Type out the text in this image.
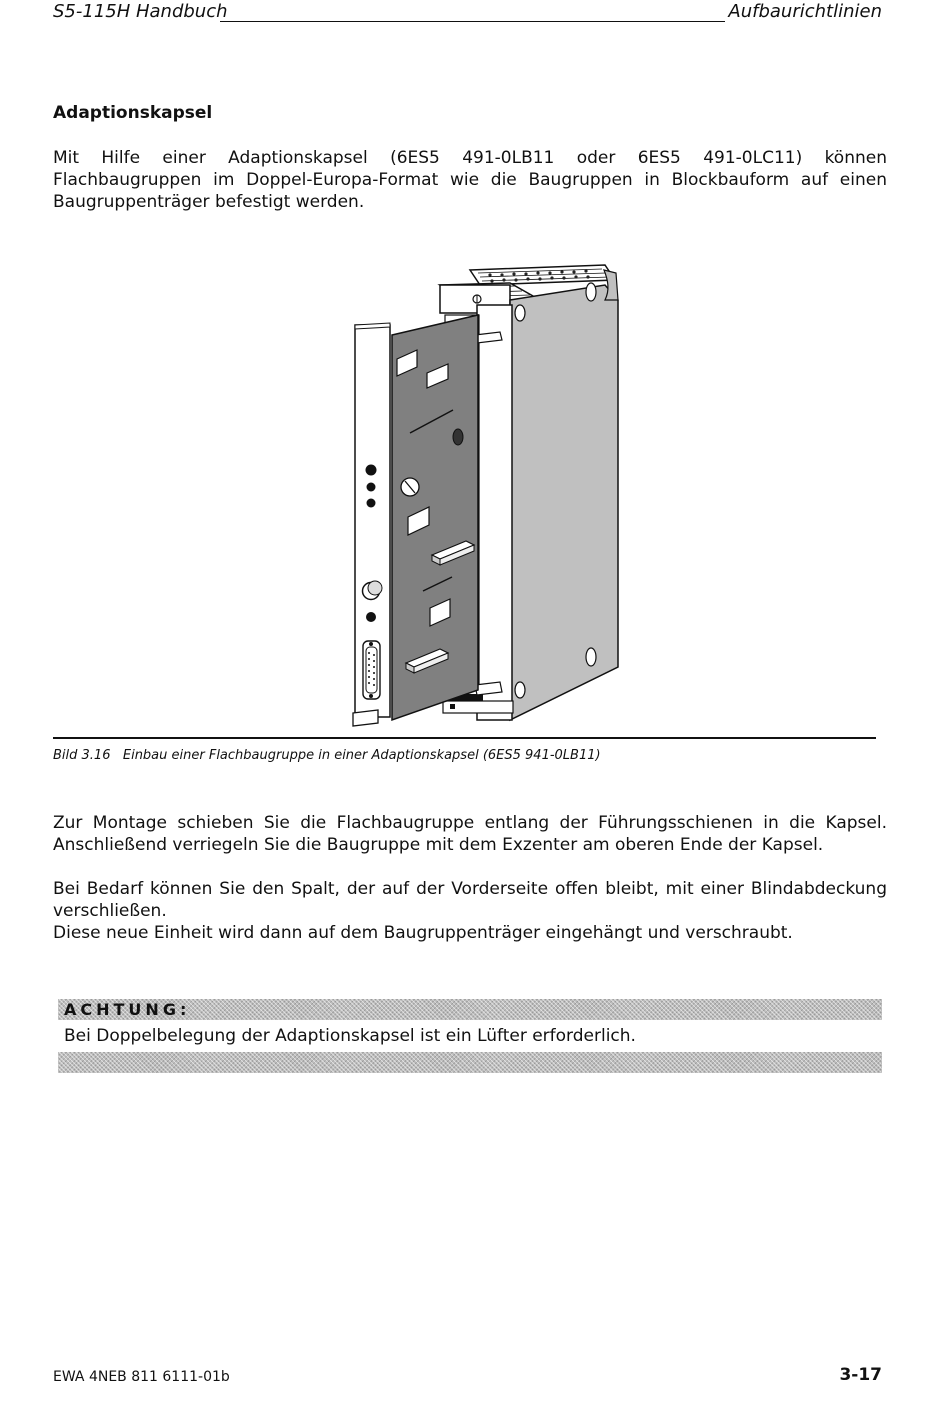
S5-115H Handbuch	Aufbaurichtlinien
Adaptionskapsel
Mit Hilfe einer Adaptionskapsel (6ES5 491-0LB11 oder 6ES5 491-0LC11) können Flachbaugruppen im Doppel-Europa-Format wie die Baugruppen in Blockbauform auf einen Baugruppenträger befestigt werden.
Bild 3.16   Einbau einer Flachbaugruppe in einer Adaptionskapsel (6ES5 941-0LB11)
Zur Montage schieben Sie die Flachbaugruppe entlang der Führungsschienen in die Kapsel. Anschließend verriegeln Sie die Baugruppe mit dem Exzenter am oberen Ende der Kapsel.
Bei Bedarf können Sie den Spalt, der auf der Vorderseite offen bleibt, mit einer Blindabdeckung verschließen.
Diese neue Einheit wird dann auf dem Baugruppenträger eingehängt und verschraubt.
ACHTUNG:
Bei Doppelbelegung der Adaptionskapsel ist ein Lüfter erforderlich.
EWA 4NEB 811 6111-01b	3-17
